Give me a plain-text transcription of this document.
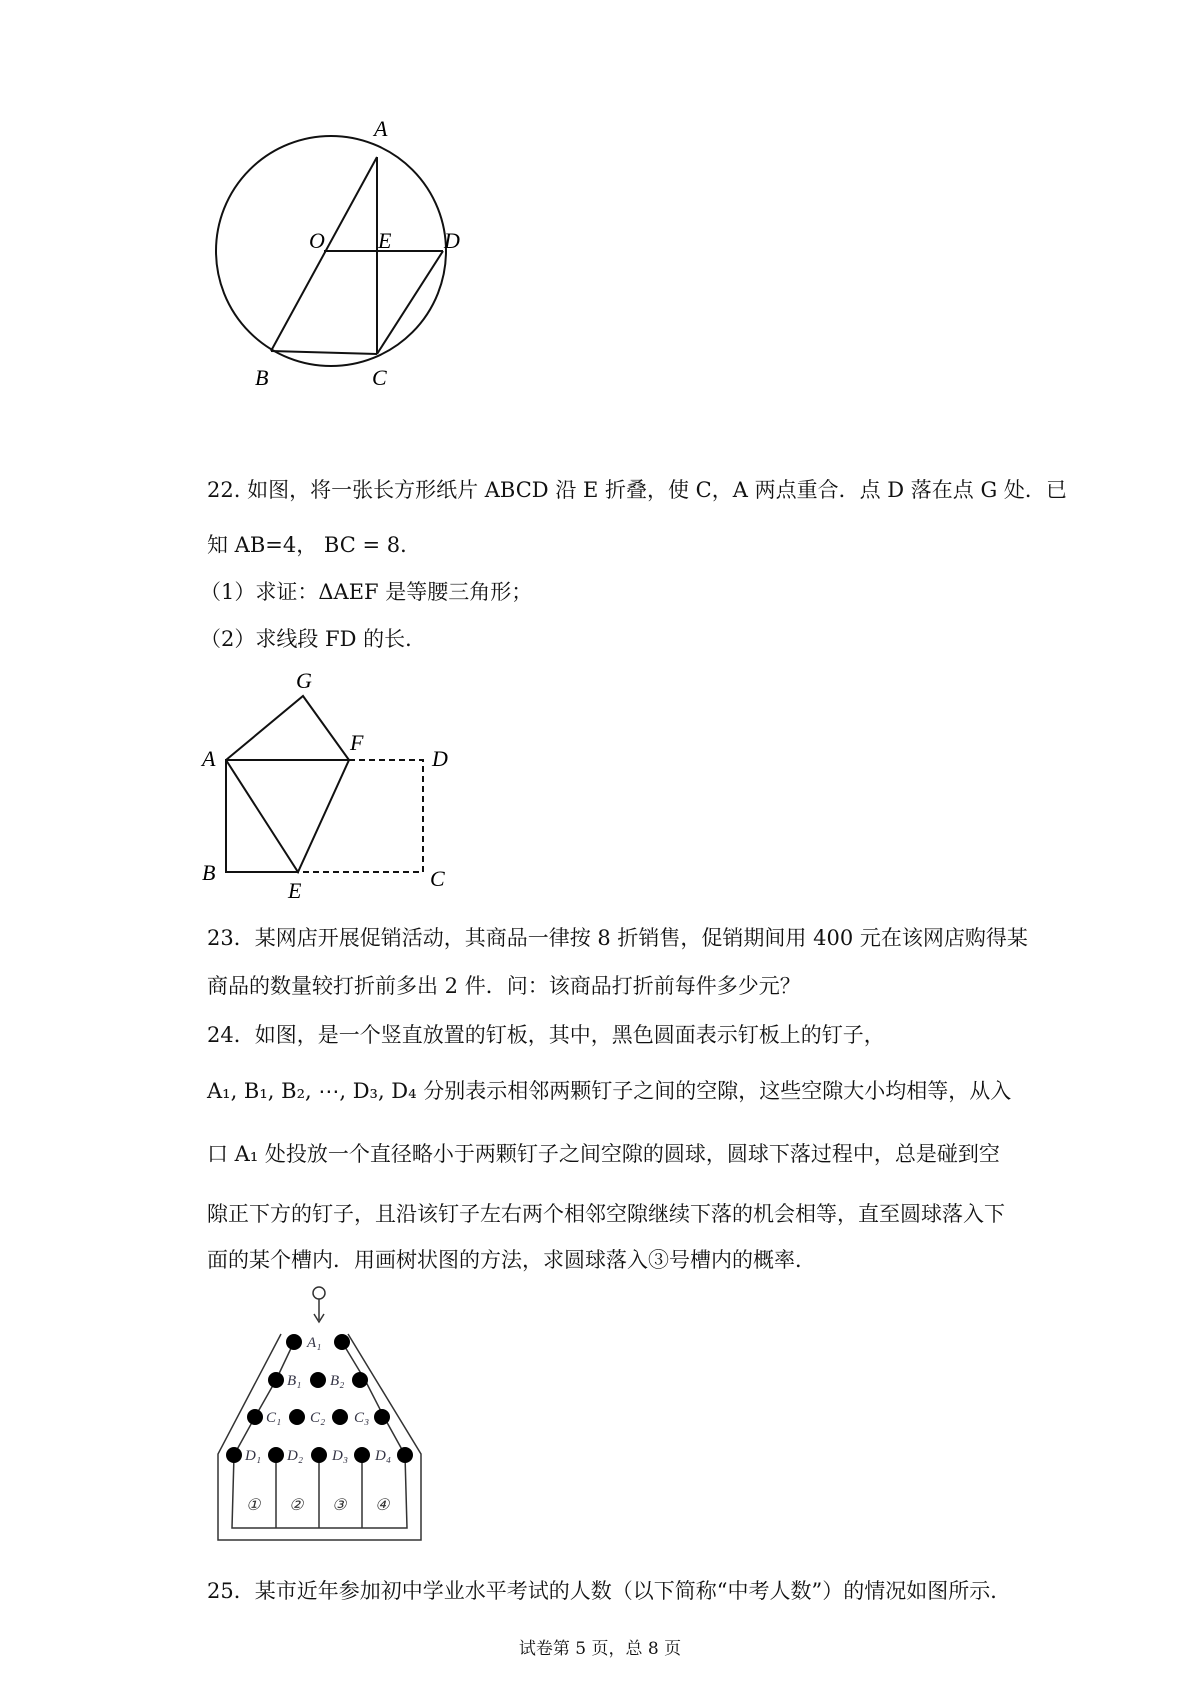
A
O E D
B	C
22. 如图，将一张长方形纸片 ABCD 沿 E 折叠，使 C，A 两点重合．点 D 落在点 G 处．已
知 AB=4， BC = 8．
（1）求证：ΔAEF 是等腰三角形；
（2）求线段 FD 的长．
G
A
F
D
B
E	C
23．某网店开展促销活动，其商品一律按 8 折销售，促销期间用 400 元在该网店购得某
商品的数量较打折前多出 2 件．问：该商品打折前每件多少元？
24．如图，是一个竖直放置的钉板，其中，黑色圆面表示钉板上的钉子，
A₁, B₁, B₂, ⋯, D₃, D₄ 分别表示相邻两颗钉子之间的空隙，这些空隙大小均相等，从入
口 A₁ 处投放一个直径略小于两颗钉子之间空隙的圆球，圆球下落过程中，总是碰到空
隙正下方的钉子，且沿该钉子左右两个相邻空隙继续下落的机会相等，直至圆球落入下
面的某个槽内．用画树状图的方法，求圆球落入③号槽内的概率．
A₁
B₁ B₂
C₁ C₂ C₃
D₁ D₂ D₃ D₄
① ② ③ ④
25．某市近年参加初中学业水平考试的人数（以下简称“中考人数”）的情况如图所示．
试卷第 5 页，总 8 页
